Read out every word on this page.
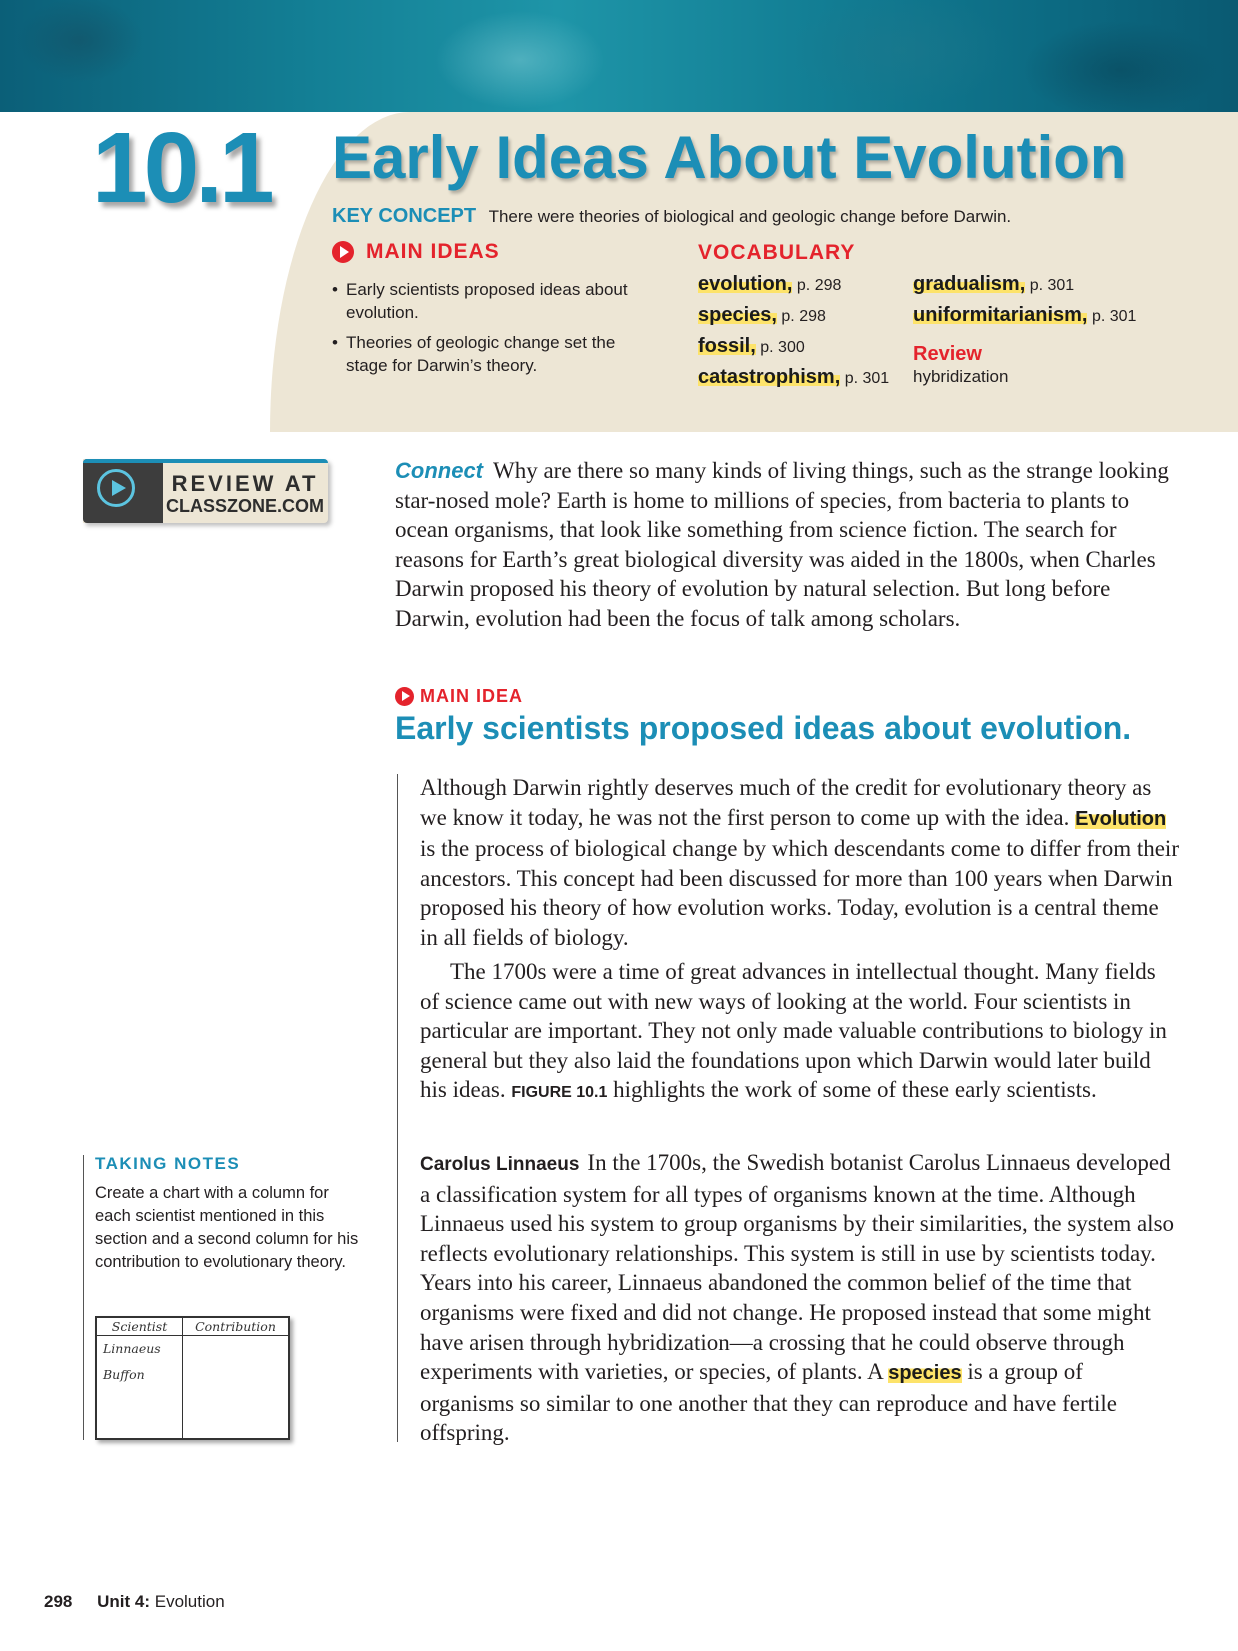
10.1 Early Ideas About Evolution
KEY CONCEPT There were theories of biological and geologic change before Darwin.
MAIN IDEAS
• Early scientists proposed ideas about evolution.
• Theories of geologic change set the stage for Darwin’s theory.
VOCABULARY
evolution, p. 298
species, p. 298
fossil, p. 300
catastrophism, p. 301
gradualism, p. 301
uniformitarianism, p. 301
Review
hybridization
REVIEW AT
CLASSZONE.COM

Connect Why are there so many kinds of living things, such as the strange looking star-nosed mole? Earth is home to millions of species, from bacteria to plants to ocean organisms, that look like something from science fiction. The search for reasons for Earth’s great biological diversity was aided in the 1800s, when Charles Darwin proposed his theory of evolution by natural selection. But long before Darwin, evolution had been the focus of talk among scholars.

MAIN IDEA
Early scientists proposed ideas about evolution.

Although Darwin rightly deserves much of the credit for evolutionary theory as we know it today, he was not the first person to come up with the idea. Evolution is the process of biological change by which descendants come to differ from their ancestors. This concept had been discussed for more than 100 years when Darwin proposed his theory of how evolution works. Today, evolution is a central theme in all fields of biology.

The 1700s were a time of great advances in intellectual thought. Many fields of science came out with new ways of looking at the world. Four scientists in particular are important. They not only made valuable contributions to biology in general but they also laid the foundations upon which Darwin would later build his ideas. FIGURE 10.1 highlights the work of some of these early scientists.

Carolus Linnaeus In the 1700s, the Swedish botanist Carolus Linnaeus developed a classification system for all types of organisms known at the time. Although Linnaeus used his system to group organisms by their similarities, the system also reflects evolutionary relationships. This system is still in use by scientists today. Years into his career, Linnaeus abandoned the common belief of the time that organisms were fixed and did not change. He proposed instead that some might have arisen through hybridization—a crossing that he could observe through experiments with varieties, or species, of plants. A species is a group of organisms so similar to one another that they can reproduce and have fertile offspring.

TAKING NOTES

Create a chart with a column for each scientist mentioned in this section and a second column for his contribution to evolutionary theory.

Scientist	Contribution
Linnaeus
Buffon
298 Unit 4: Evolution
